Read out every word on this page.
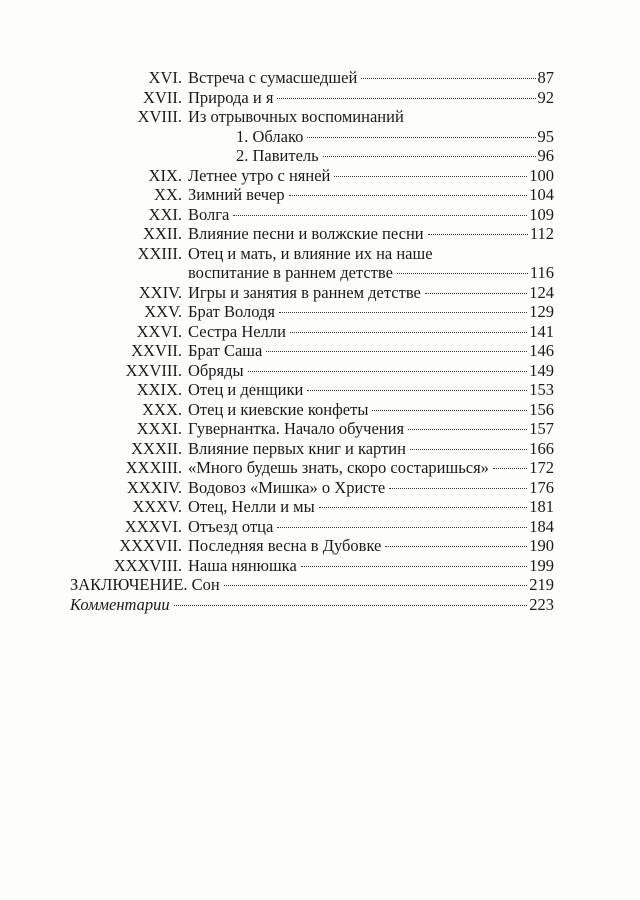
XVI. Встреча с сумасшедшей	87
XVII. Природа и я	92
XVIII. Из отрывочных воспоминаний
1. Облако	95
2. Павитель	96
XIX. Летнее утро с няней	100
XX. Зимний вечер	104
XXI. Волга	109
XXII. Влияние песни и волжские песни	112
XXIII. Отец и мать, и влияние их на наше
воспитание в раннем детстве	116
XXIV. Игры и занятия в раннем детстве	124
XXV. Брат Володя	129
XXVI. Сестра Нелли	141
XXVII. Брат Саша	146
XXVIII. Обряды	149
XXIX. Отец и денщики	153
XXX. Отец и киевские конфеты	156
XXXI. Гувернантка. Начало обучения	157
XXXII. Влияние первых книг и картин	166
XXXIII. «Много будешь знать, скоро состаришься» 172
XXXIV. Водовоз «Мишка» о Христе	176
XXXV. Отец, Нелли и мы	181
XXXVI. Отъезд отца	184
XXXVII. Последняя весна в Дубовке	190
XXXVIII. Наша нянюшка	199
ЗАКЛЮЧЕНИЕ. Сон	219
Комментарии	223
